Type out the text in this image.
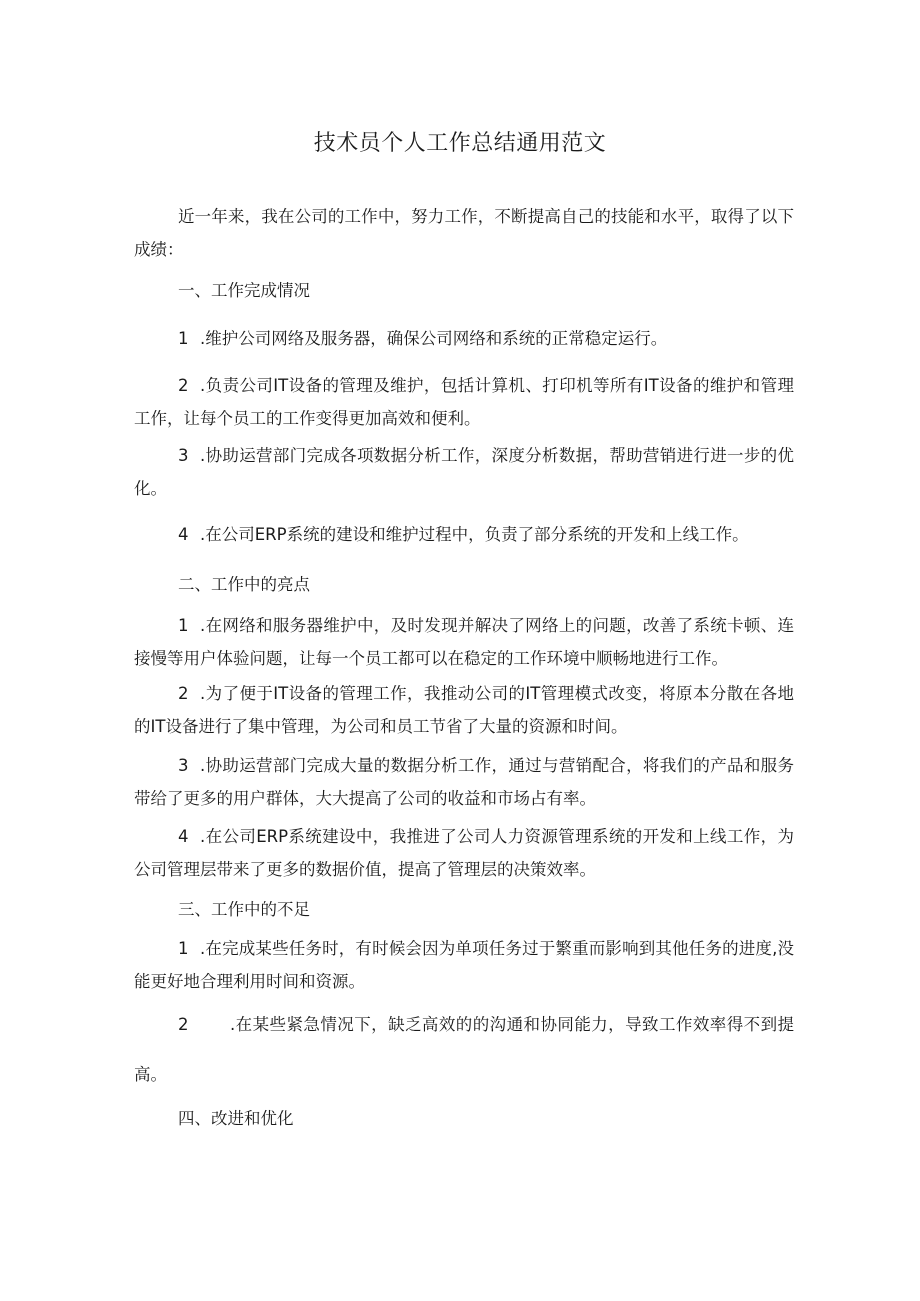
技术员个人工作总结通用范文

近一年来，我在公司的工作中，努力工作，不断提高自己的技能和水平，取得了以下成绩：

一、工作完成情况

1 .维护公司网络及服务器，确保公司网络和系统的正常稳定运行。

2 .负责公司IT设备的管理及维护，包括计算机、打印机等所有IT设备的维护和管理工作，让每个员工的工作变得更加高效和便利。

3 .协助运营部门完成各项数据分析工作，深度分析数据，帮助营销进行进一步的优化。

4 .在公司ERP系统的建设和维护过程中，负责了部分系统的开发和上线工作。

二、工作中的亮点

1 .在网络和服务器维护中，及时发现并解决了网络上的问题，改善了系统卡顿、连接慢等用户体验问题，让每一个员工都可以在稳定的工作环境中顺畅地进行工作。

2 .为了便于IT设备的管理工作，我推动公司的IT管理模式改变，将原本分散在各地的IT设备进行了集中管理，为公司和员工节省了大量的资源和时间。

3 .协助运营部门完成大量的数据分析工作，通过与营销配合，将我们的产品和服务带给了更多的用户群体，大大提高了公司的收益和市场占有率。

4 .在公司ERP系统建设中，我推进了公司人力资源管理系统的开发和上线工作，为公司管理层带来了更多的数据价值，提高了管理层的决策效率。

三、工作中的不足

1 .在完成某些任务时，有时候会因为单项任务过于繁重而影响到其他任务的进度,没能更好地合理利用时间和资源。

2	.在某些紧急情况下，缺乏高效的的沟通和协同能力，导致工作效率得不到提高。

四、改进和优化
